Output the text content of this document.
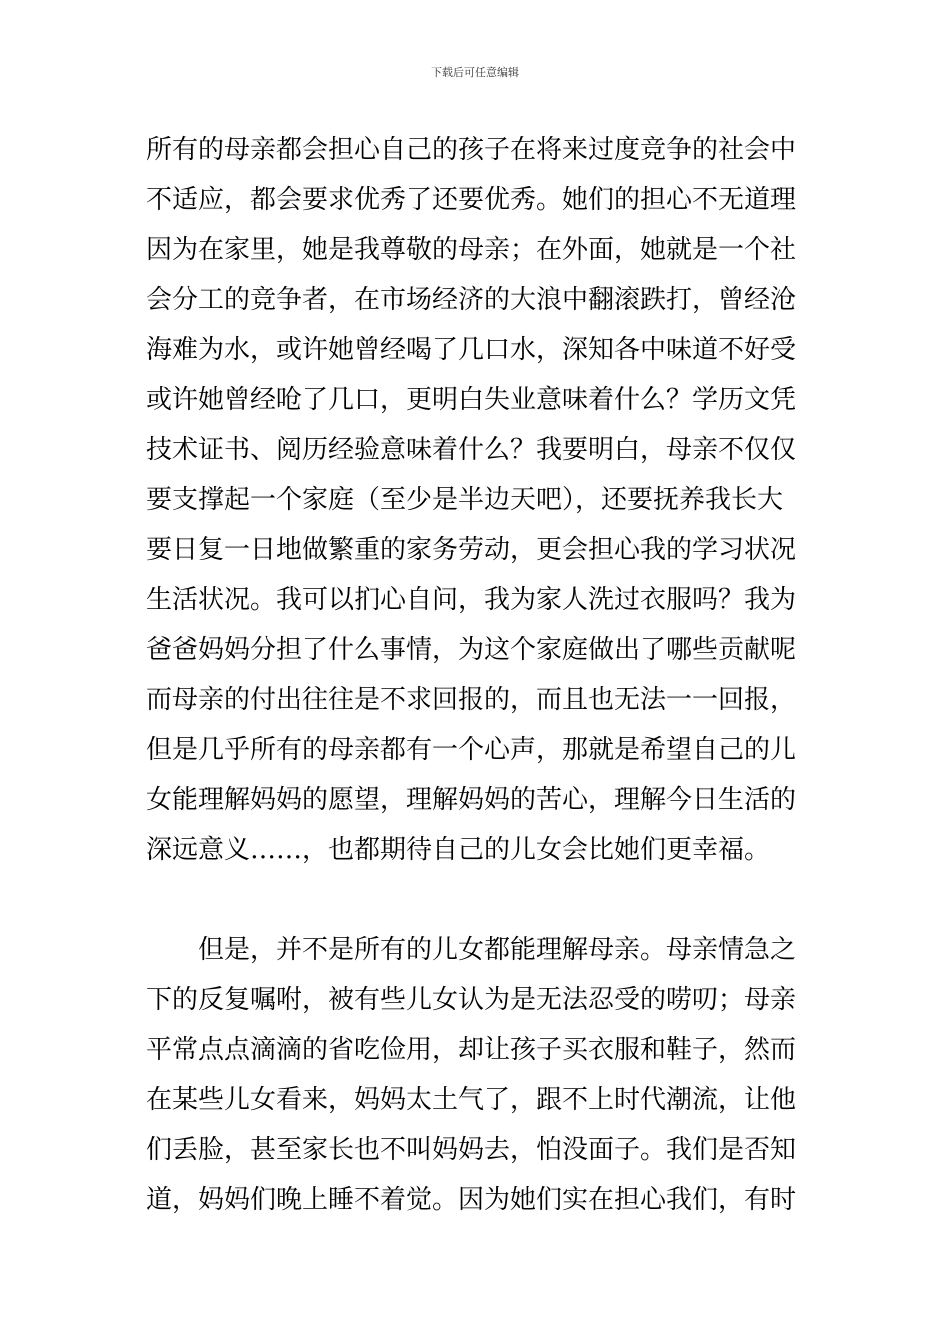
下载后可任意编辑
所有的母亲都会担心自己的孩子在将来过度竞争的社会中
不适应，都会要求优秀了还要优秀。她们的担心不无道理
因为在家里，她是我尊敬的母亲；在外面，她就是一个社
会分工的竞争者，在市场经济的大浪中翻滚跌打，曾经沧
海难为水，或许她曾经喝了几口水，深知各中味道不好受
或许她曾经呛了几口，更明白失业意味着什么？学历文凭
技术证书、阅历经验意味着什么？我要明白，母亲不仅仅
要支撑起一个家庭（至少是半边天吧），还要抚养我长大
要日复一日地做繁重的家务劳动，更会担心我的学习状况
生活状况。我可以扪心自问，我为家人洗过衣服吗？我为
爸爸妈妈分担了什么事情，为这个家庭做出了哪些贡献呢
而母亲的付出往往是不求回报的，而且也无法一一回报，
但是几乎所有的母亲都有一个心声，那就是希望自己的儿
女能理解妈妈的愿望，理解妈妈的苦心，理解今日生活的
深远意义……，也都期待自己的儿女会比她们更幸福。
　　但是，并不是所有的儿女都能理解母亲。母亲情急之
下的反复嘱咐，被有些儿女认为是无法忍受的唠叨；母亲
平常点点滴滴的省吃俭用，却让孩子买衣服和鞋子，然而
在某些儿女看来，妈妈太土气了，跟不上时代潮流，让他
们丢脸，甚至家长也不叫妈妈去，怕没面子。我们是否知
道，妈妈们晚上睡不着觉。因为她们实在担心我们，有时
